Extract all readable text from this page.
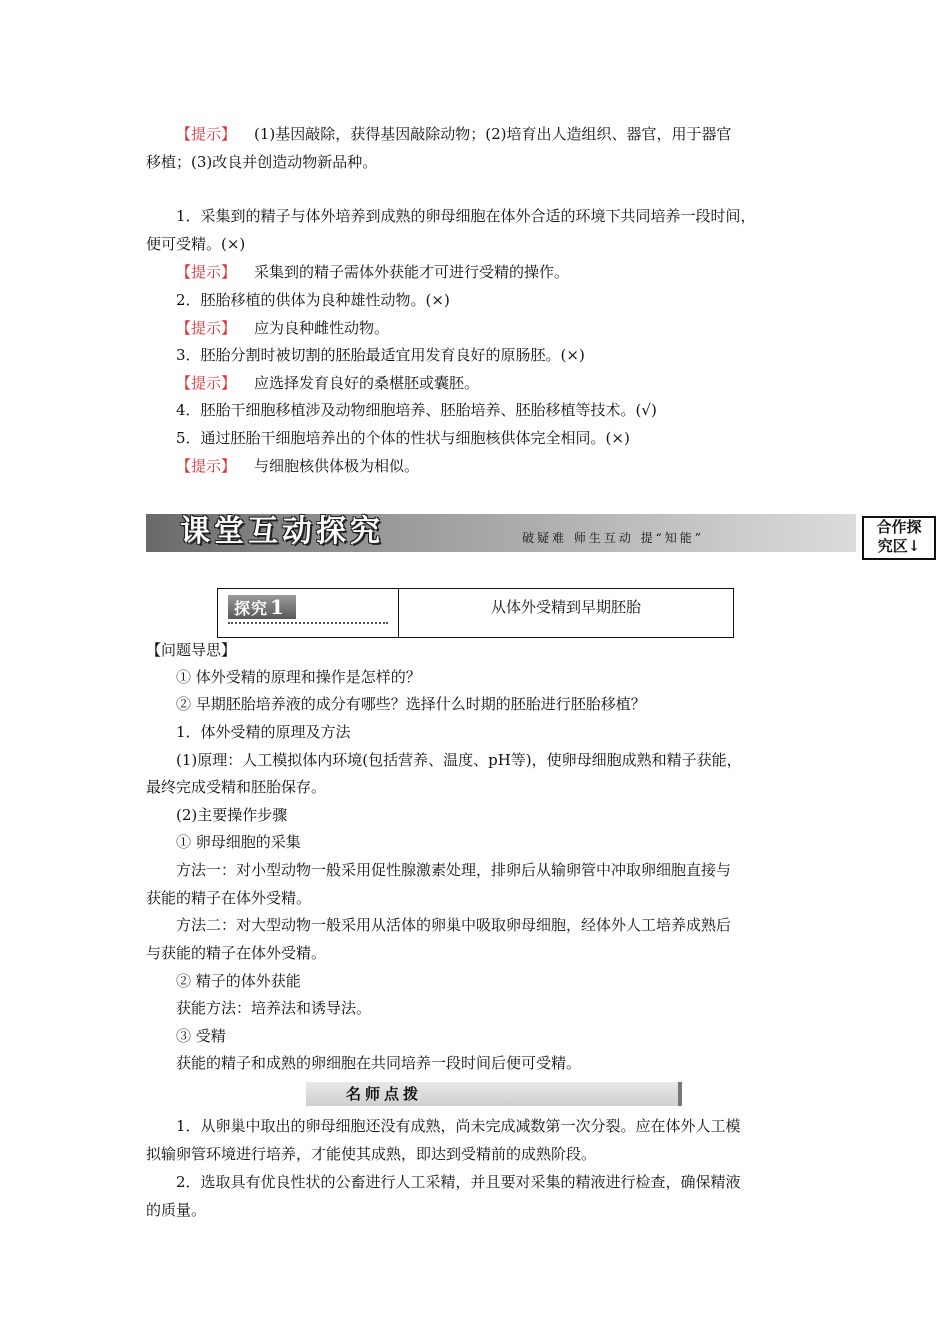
【提示】 (1)基因敲除，获得基因敲除动物；(2)培育出人造组织、器官，用于器官
移植；(3)改良并创造动物新品种。
1．采集到的精子与体外培养到成熟的卵母细胞在体外合适的环境下共同培养一段时间，
便可受精。(×)
【提示】 采集到的精子需体外获能才可进行受精的操作。
2．胚胎移植的供体为良种雄性动物。(×)
【提示】 应为良种雌性动物。
3．胚胎分割时被切割的胚胎最适宜用发育良好的原肠胚。(×)
【提示】 应选择发育良好的桑椹胚或囊胚。
4．胚胎干细胞移植涉及动物细胞培养、胚胎培养、胚胎移植等技术。(√)
5．通过胚胎干细胞培养出的个体的性状与细胞核供体完全相同。(×)
【提示】 与细胞核供体极为相似。
【问题导思】
① 体外受精的原理和操作是怎样的？
② 早期胚胎培养液的成分有哪些？选择什么时期的胚胎进行胚胎移植？
1．体外受精的原理及方法
(1)原理：人工模拟体内环境(包括营养、温度、pH等)，使卵母细胞成熟和精子获能，
最终完成受精和胚胎保存。
(2)主要操作步骤
① 卵母细胞的采集
方法一：对小型动物一般采用促性腺激素处理，排卵后从输卵管中冲取卵细胞直接与
获能的精子在体外受精。
方法二：对大型动物一般采用从活体的卵巢中吸取卵母细胞，经体外人工培养成熟后
与获能的精子在体外受精。
② 精子的体外获能
获能方法：培养法和诱导法。
③ 受精
获能的精子和成熟的卵细胞在共同培养一段时间后便可受精。
1．从卵巢中取出的卵母细胞还没有成熟，尚未完成减数第一次分裂。应在体外人工模
拟输卵管环境进行培养，才能使其成熟，即达到受精前的成熟阶段。
2．选取具有优良性状的公畜进行人工采精，并且要对采集的精液进行检查，确保精液
的质量。
课堂互动探究	破疑难 师生互动 提“知能”
合作探
究区↓
探究 1	从体外受精到早期胚胎
名师点拨
